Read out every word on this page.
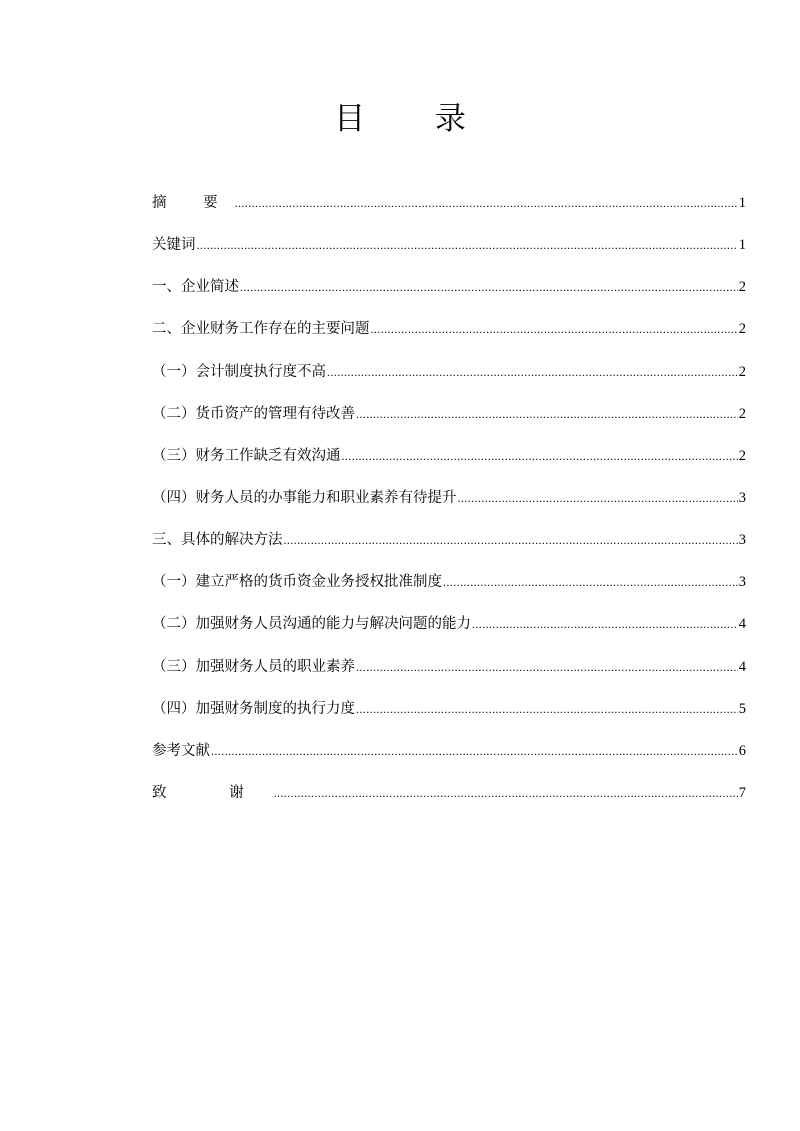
目 录
摘 要 .....	1
关键词 .....	1
一、企业简述 .....	2
二、企业财务工作存在的主要问题 .....	2
（一）会计制度执行度不高 .....	2
（二）货币资产的管理有待改善 .....	2
（三）财务工作缺乏有效沟通 .....	2
（四）财务人员的办事能力和职业素养有待提升 .....	3
三、具体的解决方法 .....	3
（一）建立严格的货币资金业务授权批准制度 .....	3
（二）加强财务人员沟通的能力与解决问题的能力 .....	4
（三）加强财务人员的职业素养 .....	4
（四）加强财务制度的执行力度 .....	5
参考文献 .....	6
致 谢 .....	7
